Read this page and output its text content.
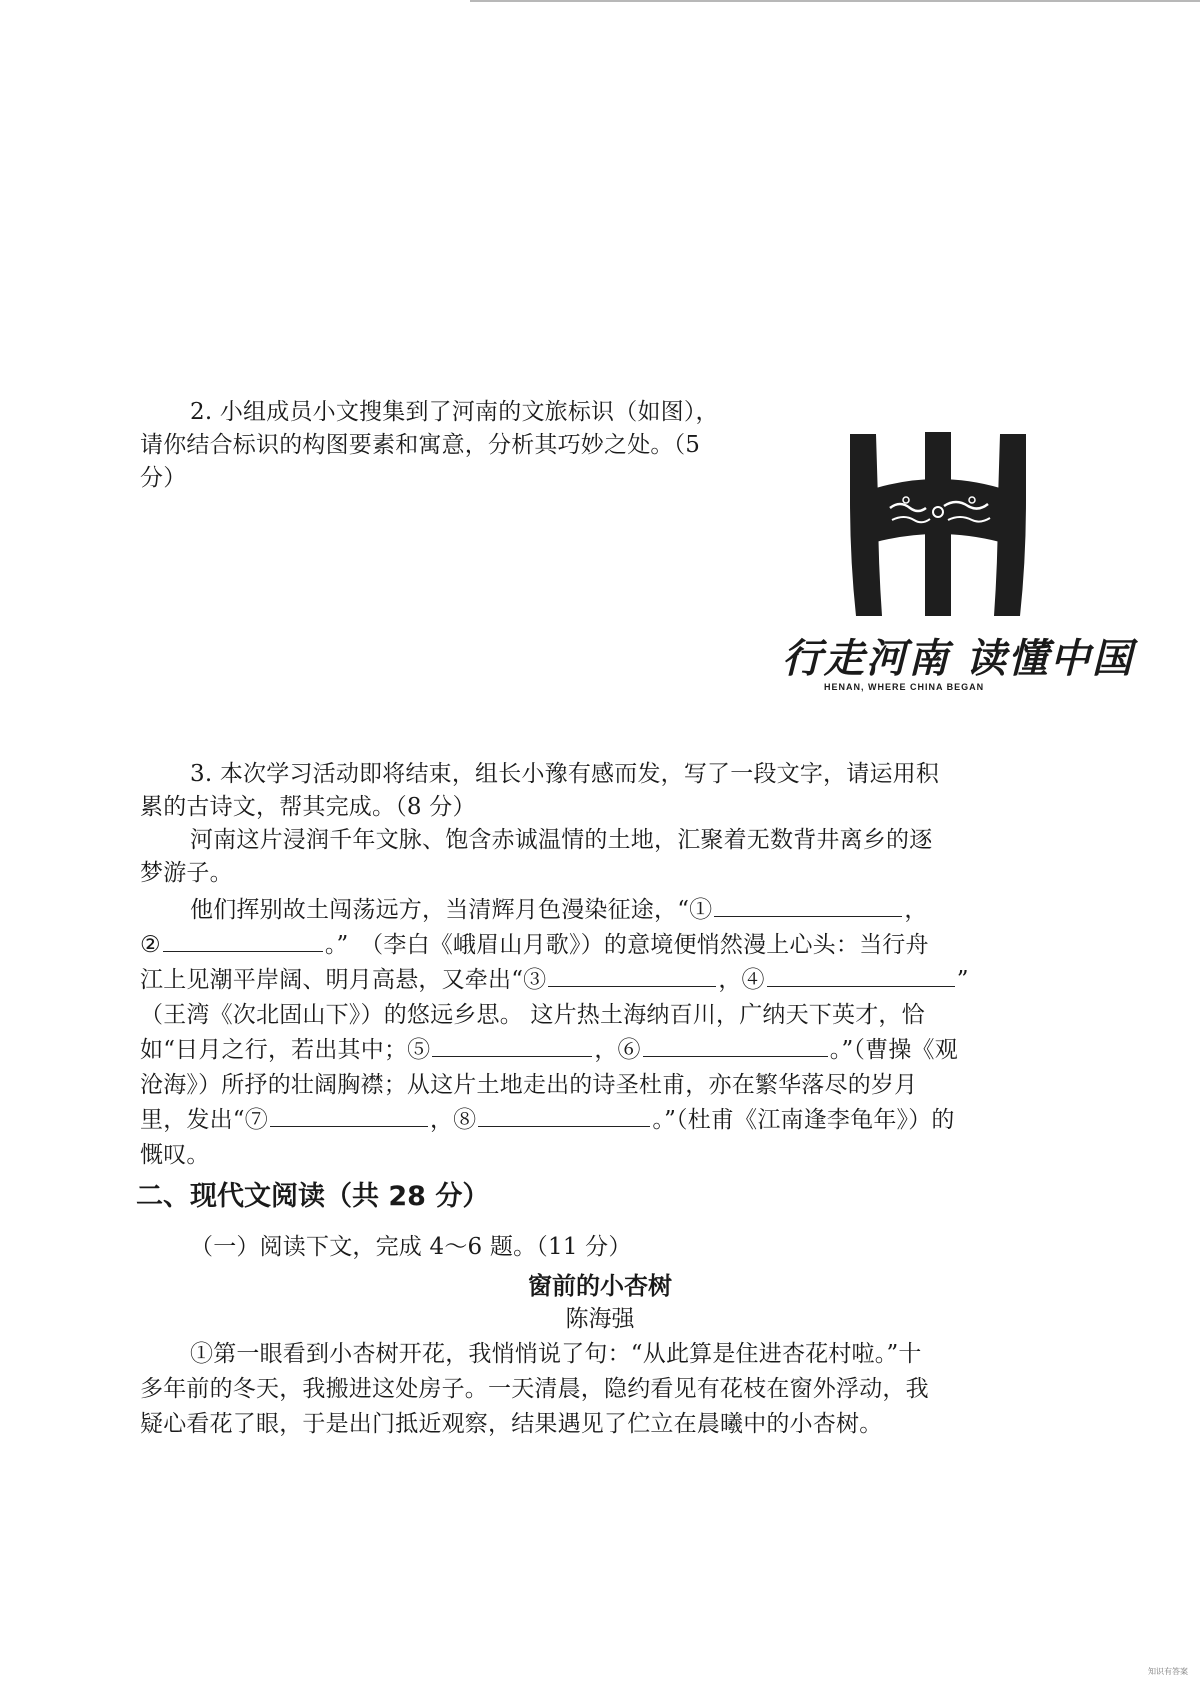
2. 小组成员小文搜集到了河南的文旅标识（如图），

请你结合标识的构图要素和寓意，分析其巧妙之处。（5

分）

行走河南 读懂中国
HENAN, WHERE CHINA BEGAN

3. 本次学习活动即将结束，组长小豫有感而发，写了一段文字，请运用积

累的古诗文，帮其完成。（8 分）

河南这片浸润千年文脉、饱含赤诚温情的土地，汇聚着无数背井离乡的逐

梦游子。

他们挥别故土闯荡远方，当清辉月色漫染征途，“①	，

②	。”　（李白《峨眉山月歌》）的意境便悄然漫上心头：当行舟

江上见潮平岸阔、明月高悬，又牵出“③	，④	”

（王湾《次北固山下》）的悠远乡思。 这片热土海纳百川，广纳天下英才，恰

如“日月之行，若出其中；⑤	，⑥	。”（曹操《观

沧海》）所抒的壮阔胸襟；从这片土地走出的诗圣杜甫，亦在繁华落尽的岁月

里，发出“⑦	，⑧	。”（杜甫《江南逢李龟年》）的

慨叹。

二、现代文阅读（共 28 分）

（一）阅读下文，完成 4～6 题。（11 分）

窗前的小杏树

陈海强

①第一眼看到小杏树开花，我悄悄说了句：“从此算是住进杏花村啦。”十

多年前的冬天，我搬进这处房子。一天清晨，隐约看见有花枝在窗外浮动，我

疑心看花了眼，于是出门抵近观察，结果遇见了伫立在晨曦中的小杏树。

知识有答案
